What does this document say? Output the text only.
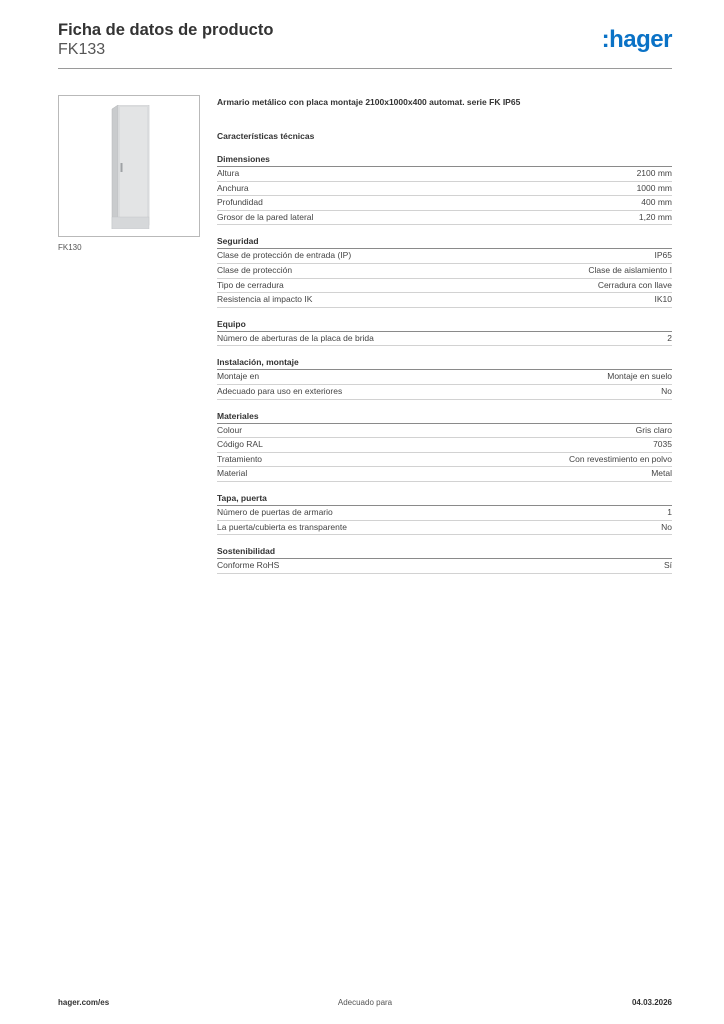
Ficha de datos de producto
FK133	:hager
FK130
Armario metálico con placa montaje 2100x1000x400 automat. serie FK IP65
Características técnicas
Dimensiones
Altura	2100 mm
Anchura	1000 mm
Profundidad	400 mm
Grosor de la pared lateral	1,20 mm
Seguridad
Clase de protección de entrada (IP)	IP65
Clase de protección	Clase de aislamiento I
Tipo de cerradura	Cerradura con llave
Resistencia al impacto IK	IK10
Equipo
Número de aberturas de la placa de brida	2
Instalación, montaje
Montaje en	Montaje en suelo
Adecuado para uso en exteriores	No
Materiales
Colour	Gris claro
Código RAL	7035
Tratamiento	Con revestimiento en polvo
Material	Metal
Tapa, puerta
Número de puertas de armario	1
La puerta/cubierta es transparente	No
Sostenibilidad
Conforme RoHS	Sí
hager.com/es	Adecuado para	04.03.2026
